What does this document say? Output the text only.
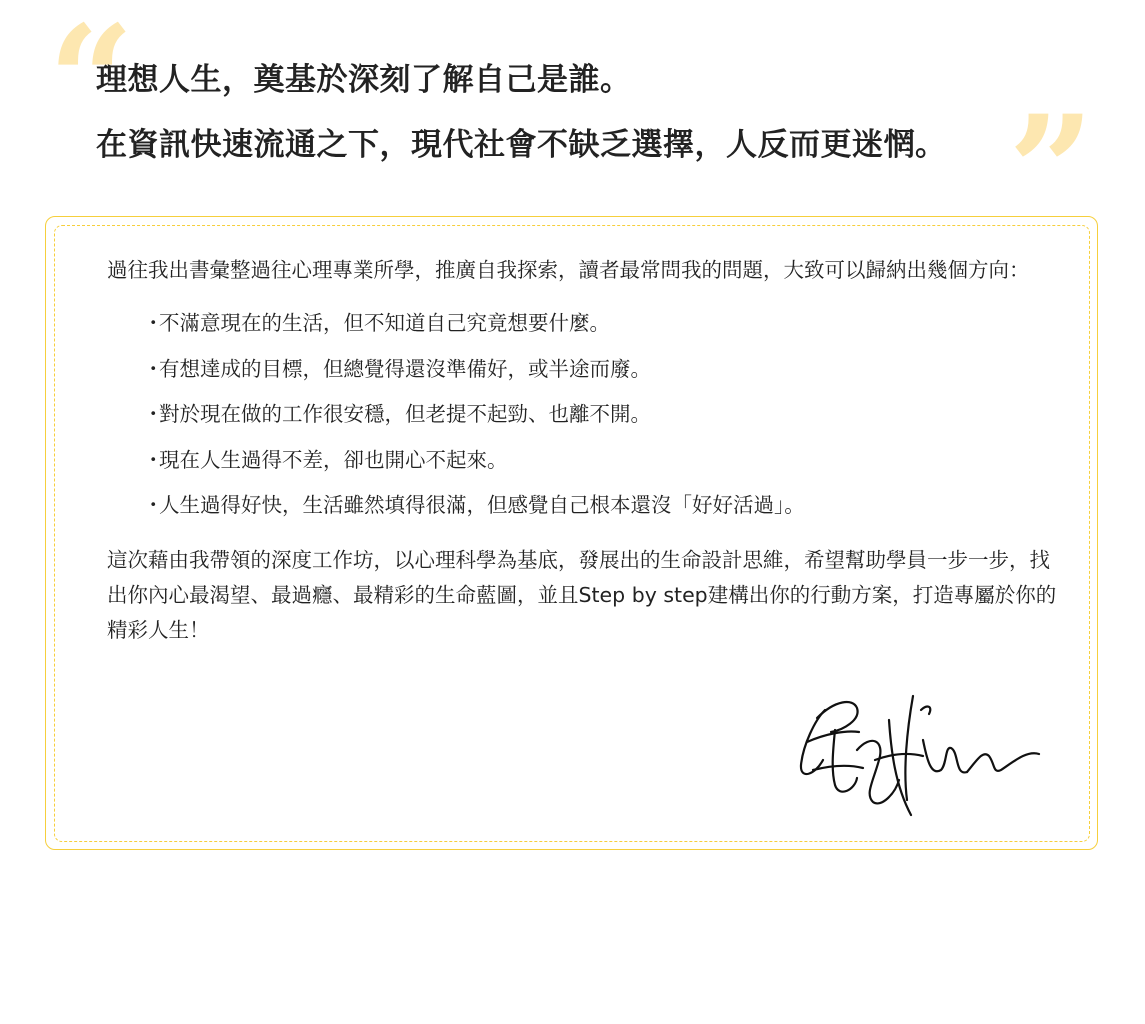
“
”
理想人生，奠基於深刻了解自己是誰。
在資訊快速流通之下，現代社會不缺乏選擇，人反而更迷惘。

過往我出書彙整過往心理專業所學，推廣自我探索，讀者最常問我的問題，大致可以歸納出幾個方向：

・不滿意現在的生活，但不知道自己究竟想要什麼。
・有想達成的目標，但總覺得還沒準備好，或半途而廢。
・對於現在做的工作很安穩，但老提不起勁、也離不開。
・現在人生過得不差，卻也開心不起來。
・人生過得好快，生活雖然填得很滿，但感覺自己根本還沒「好好活過」。

這次藉由我帶領的深度工作坊，以心理科學為基底，發展出的生命設計思維，希望幫助學員一步一步，找出你內心最渴望、最過癮、最精彩的生命藍圖，並且Step by step建構出你的行動方案，打造專屬於你的精彩人生！
